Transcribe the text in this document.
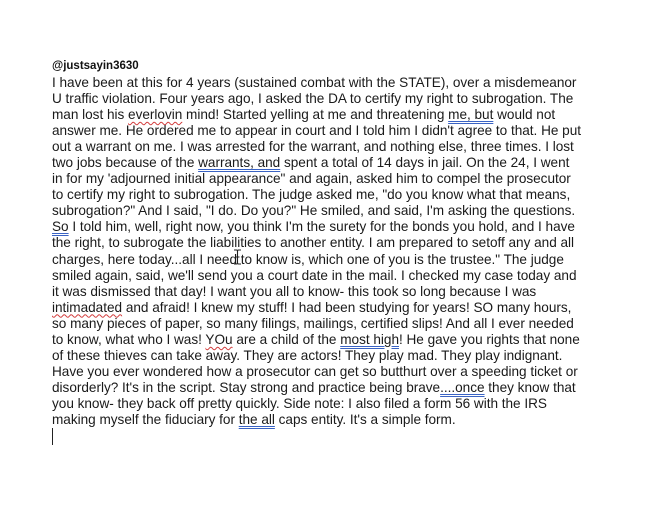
@justsayin3630
I have been at this for 4 years (sustained combat with the STATE), over a misdemeanor
U traffic violation. Four years ago, I asked the DA to certify my right to subrogation. The
man lost his everlovin mind! Started yelling at me and threatening me, but would not
answer me. He ordered me to appear in court and I told him I didn't agree to that. He put
out a warrant on me. I was arrested for the warrant, and nothing else, three times. I lost
two jobs because of the warrants, and spent a total of 14 days in jail. On the 24, I went
in for my 'adjourned initial appearance" and again, asked him to compel the prosecutor
to certify my right to subrogation. The judge asked me, "do you know what that means,
subrogation?" And I said, "I do. Do you?" He smiled, and said, I'm asking the questions.
So I told him, well, right now, you think I'm the surety for the bonds you hold, and I have
the right, to subrogate the liabilities to another entity. I am prepared to setoff any and all
charges, here today...all I need to know is, which one of you is the trustee." The judge
smiled again, said, we'll send you a court date in the mail. I checked my case today and
it was dismissed that day! I want you all to know- this took so long because I was
intimadated and afraid! I knew my stuff! I had been studying for years! SO many hours,
so many pieces of paper, so many filings, mailings, certified slips! And all I ever needed
to know, what who I was! YOu are a child of the most high! He gave you rights that none
of these thieves can take away. They are actors! They play mad. They play indignant.
Have you ever wondered how a prosecutor can get so butthurt over a speeding ticket or
disorderly? It's in the script. Stay strong and practice being brave....once they know that
you know- they back off pretty quickly. Side note: I also filed a form 56 with the IRS
making myself the fiduciary for the all caps entity. It's a simple form.
